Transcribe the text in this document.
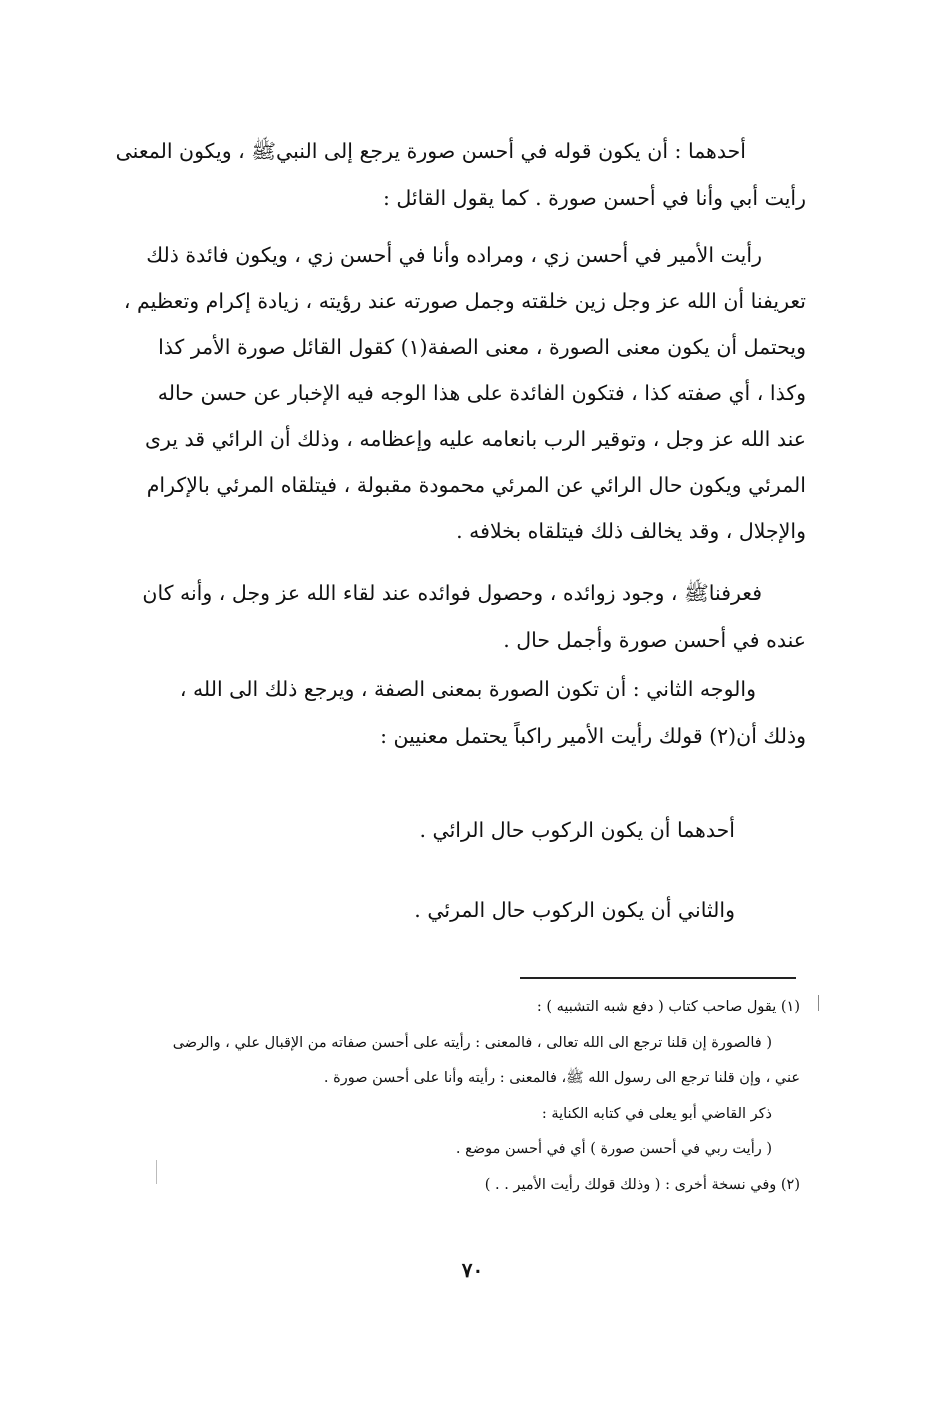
أحدهما : أن يكون قوله في أحسن صورة يرجع إلى النبيﷺ ، ويكون المعنى
رأيت أبي وأنا في أحسن صورة . كما يقول القائل :
رأيت الأمير في أحسن زي ، ومراده وأنا في أحسن زي ، ويكون فائدة ذلك
تعريفنا أن الله عز وجل زين خلقته وجمل صورته عند رؤيته ، زيادة إكرام وتعظيم ،
ويحتمل أن يكون معنى الصورة ، معنى الصفة(١) كقول القائل صورة الأمر كذا
وكذا ، أي صفته كذا ، فتكون الفائدة على هذا الوجه فيه الإخبار عن حسن حاله
عند الله عز وجل ، وتوقير الرب بانعامه عليه وإعظامه ، وذلك أن الرائي قد يرى
المرئي ويكون حال الرائي عن المرئي محمودة مقبولة ، فيتلقاه المرئي بالإكرام
والإجلال ، وقد يخالف ذلك فيتلقاه بخلافه .
فعرفناﷺ ، وجود زوائده ، وحصول فوائده عند لقاء الله عز وجل ، وأنه كان
عنده في أحسن صورة وأجمل حال .
والوجه الثاني : أن تكون الصورة بمعنى الصفة ، ويرجع ذلك الى الله ،
وذلك أن(٢) قولك رأيت الأمير راكباً يحتمل معنيين :
أحدهما أن يكون الركوب حال الرائي .
والثاني أن يكون الركوب حال المرئي .
(١) يقول صاحب كتاب ( دفع شبه التشبيه ) :
( فالصورة إن قلنا ترجع الى الله تعالى ، فالمعنى : رأيته على أحسن صفاته من الإقبال علي ، والرضى
عني ، وإن قلنا ترجع الى رسول الله ﷺ، فالمعنى : رأيته وأنا على أحسن صورة .
ذكر القاضي أبو يعلى في كتابه الكناية :
( رأيت ربي في أحسن صورة ) أي في أحسن موضع .
(٢) وفي نسخة أخرى : ( وذلك قولك رأيت الأمير . . )
٧٠
